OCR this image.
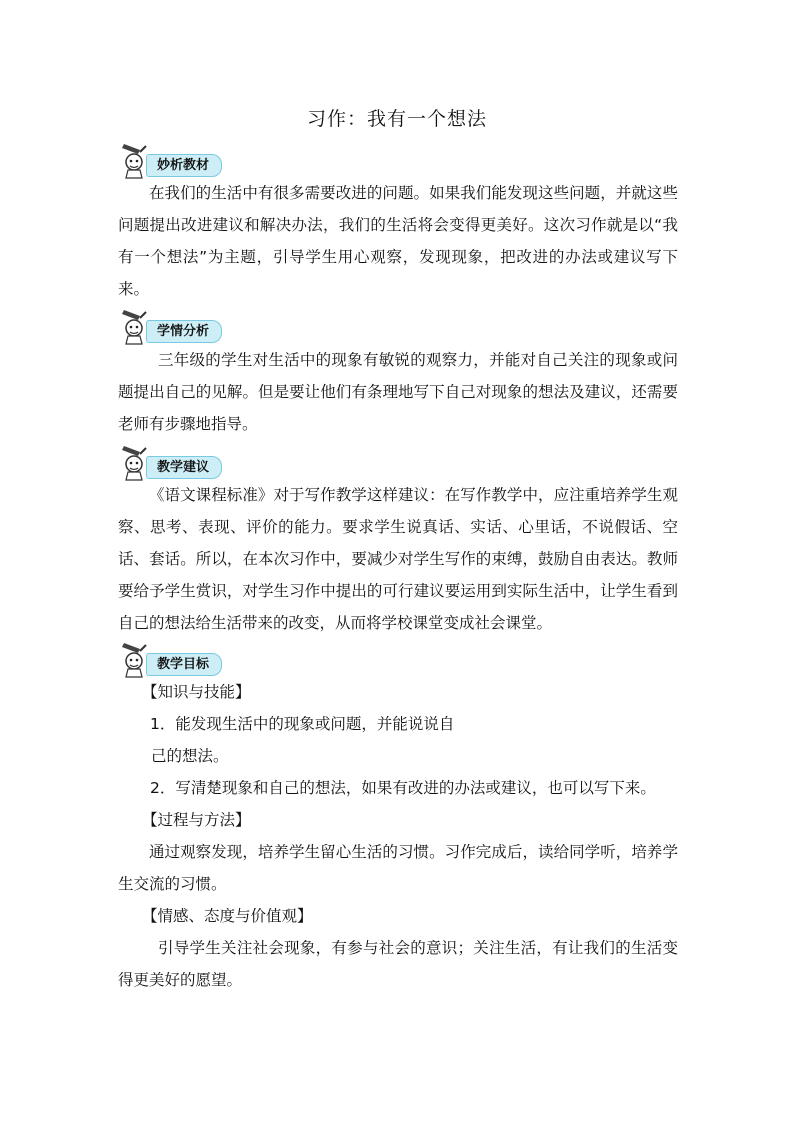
习作：我有一个想法
妙析教材

在我们的生活中有很多需要改进的问题。如果我们能发现这些问题，并就这些问题提出改进建议和解决办法，我们的生活将会变得更美好。这次习作就是以“我有一个想法”为主题，引导学生用心观察，发现现象，把改进的办法或建议写下来。

学情分析

三年级的学生对生活中的现象有敏锐的观察力，并能对自己关注的现象或问题提出自己的见解。但是要让他们有条理地写下自己对现象的想法及建议，还需要老师有步骤地指导。

教学建议

《语文课程标准》对于写作教学这样建议：在写作教学中，应注重培养学生观察、思考、表现、评价的能力。要求学生说真话、实话、心里话，不说假话、空话、套话。所以，在本次习作中，要减少对学生写作的束缚，鼓励自由表达。教师要给予学生赏识，对学生习作中提出的可行建议要运用到实际生活中，让学生看到自己的想法给生活带来的改变，从而将学校课堂变成社会课堂。

教学目标
【知识与技能】
1．能发现生活中的现象或问题，并能说说自
己的想法。
2．写清楚现象和自己的想法，如果有改进的办法或建议，也可以写下来。
【过程与方法】

通过观察发现，培养学生留心生活的习惯。习作完成后，读给同学听，培养学生交流的习惯。

【情感、态度与价值观】

引导学生关注社会现象，有参与社会的意识；关注生活，有让我们的生活变得更美好的愿望。
